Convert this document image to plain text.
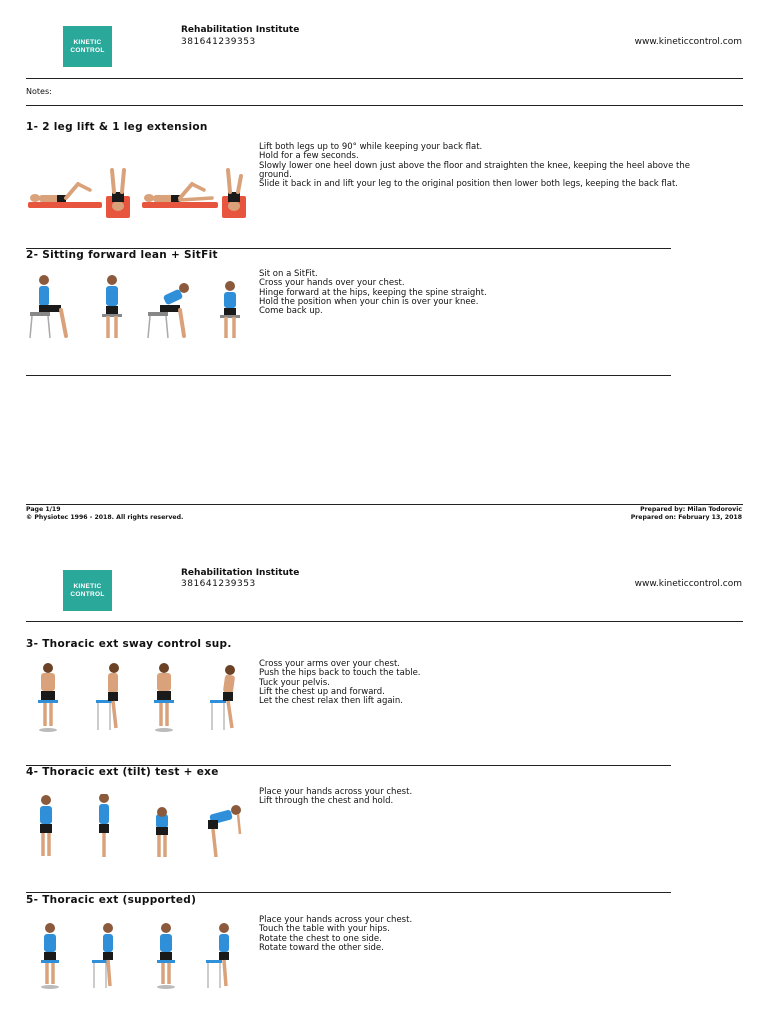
KINETIC
CONTROL
Rehabilitation Institute
381641239353	www.kineticcontrol.com
Notes:
1- 2 leg lift & 1 leg extension
Lift both legs up to 90° while keeping your back flat.
Hold for a few seconds.
Slowly lower one heel down just above the floor and straighten the knee, keeping the heel above the ground.
Slide it back in and lift your leg to the original position then lower both legs, keeping the back flat.
2- Sitting forward lean + SitFit
Sit on a SitFit.
Cross your hands over your chest.
Hinge forward at the hips, keeping the spine straight.
Hold the position when your chin is over your knee.
Come back up.
Page 1/19
© Physiotec 1996 - 2018. All rights reserved.
Prepared by: Milan Todorovic
Prepared on: February 13, 2018
KINETIC
CONTROL
Rehabilitation Institute
381641239353	www.kineticcontrol.com
3- Thoracic ext sway control sup.
Cross your arms over your chest.
Push the hips back to touch the table.
Tuck your pelvis.
Lift the chest up and forward.
Let the chest relax then lift again.
4- Thoracic ext (tilt) test + exe
Place your hands across your chest.
Lift through the chest and hold.
5- Thoracic ext (supported)
Place your hands across your chest.
Touch the table with your hips.
Rotate the chest to one side.
Rotate toward the other side.
